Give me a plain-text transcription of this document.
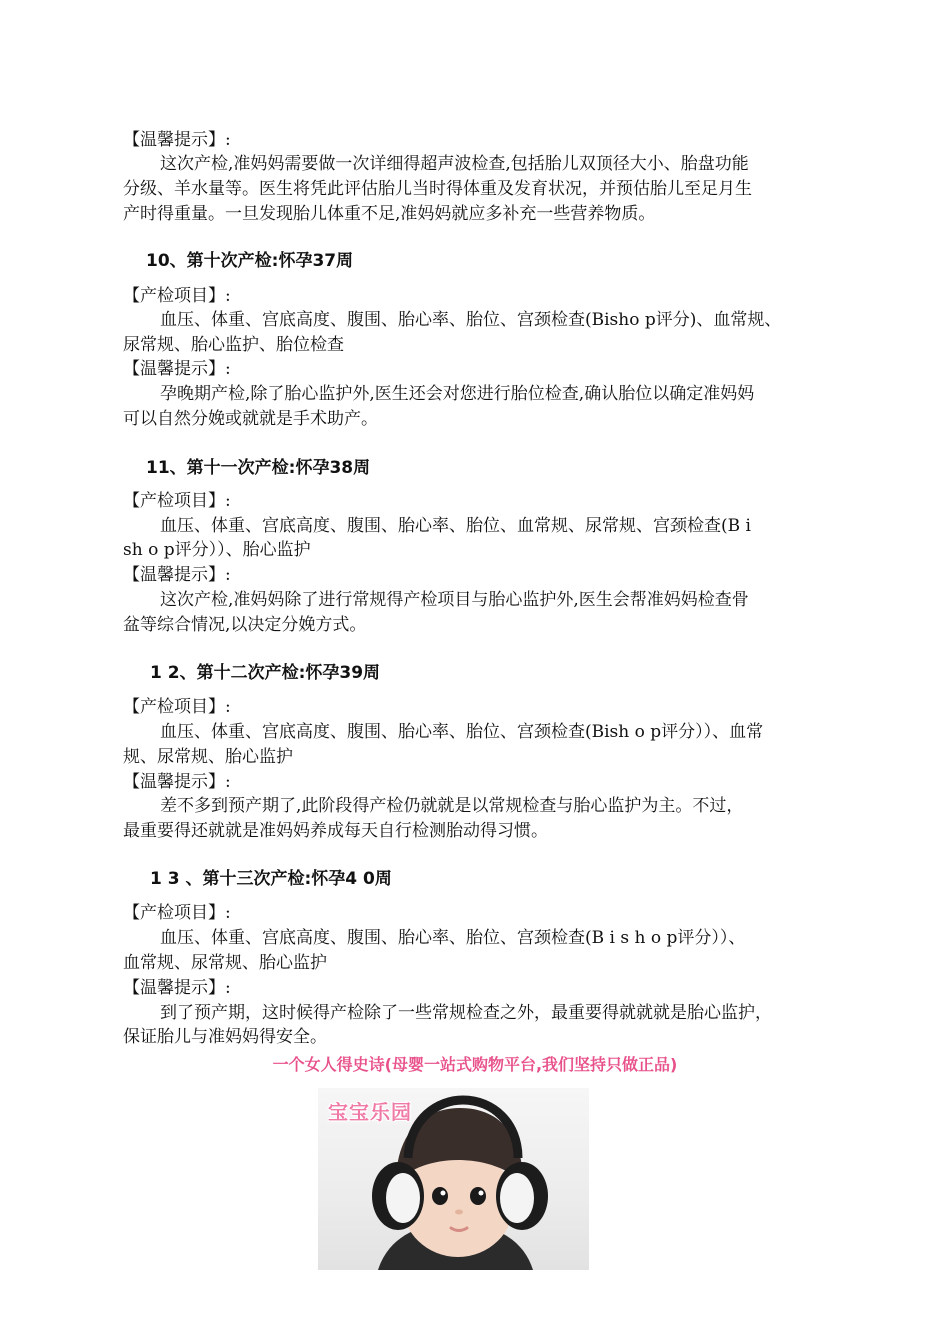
【温馨提示】:
这次产检,准妈妈需要做一次详细得超声波检查,包括胎儿双顶径大小、胎盘功能
分级、羊水量等。医生将凭此评估胎儿当时得体重及发育状况，并预估胎儿至足月生
产时得重量。一旦发现胎儿体重不足,准妈妈就应多补充一些营养物质。
10、第十次产检:怀孕37周
【产检项目】:
血压、体重、宫底高度、腹围、胎心率、胎位、宫颈检查(Bisho p评分)、血常规、
尿常规、胎心监护、胎位检查
【温馨提示】:
孕晚期产检,除了胎心监护外,医生还会对您进行胎位检查,确认胎位以确定准妈妈
可以自然分娩或就就是手术助产。
11、第十一次产检:怀孕38周
【产检项目】:
血压、体重、宫底高度、腹围、胎心率、胎位、血常规、尿常规、宫颈检查(B i
sh o p评分））、胎心监护
【温馨提示】:
这次产检,准妈妈除了进行常规得产检项目与胎心监护外,医生会帮准妈妈检查骨
盆等综合情况,以决定分娩方式。
1 2、第十二次产检:怀孕39周
【产检项目】:
血压、体重、宫底高度、腹围、胎心率、胎位、宫颈检查(Bish o p评分））、血常
规、尿常规、胎心监护
【温馨提示】:
差不多到预产期了,此阶段得产检仍就就是以常规检查与胎心监护为主。不过，
最重要得还就就是准妈妈养成每天自行检测胎动得习惯。
1 3 、第十三次产检:怀孕4 0周
【产检项目】:
血压、体重、宫底高度、腹围、胎心率、胎位、宫颈检查(B i s h o p评分））、
血常规、尿常规、胎心监护
【温馨提示】:
到了预产期，这时候得产检除了一些常规检查之外，最重要得就就就是胎心监护，
保证胎儿与准妈妈得安全。
一个女人得史诗(母婴一站式购物平台,我们坚持只做正品)
宝宝乐园
